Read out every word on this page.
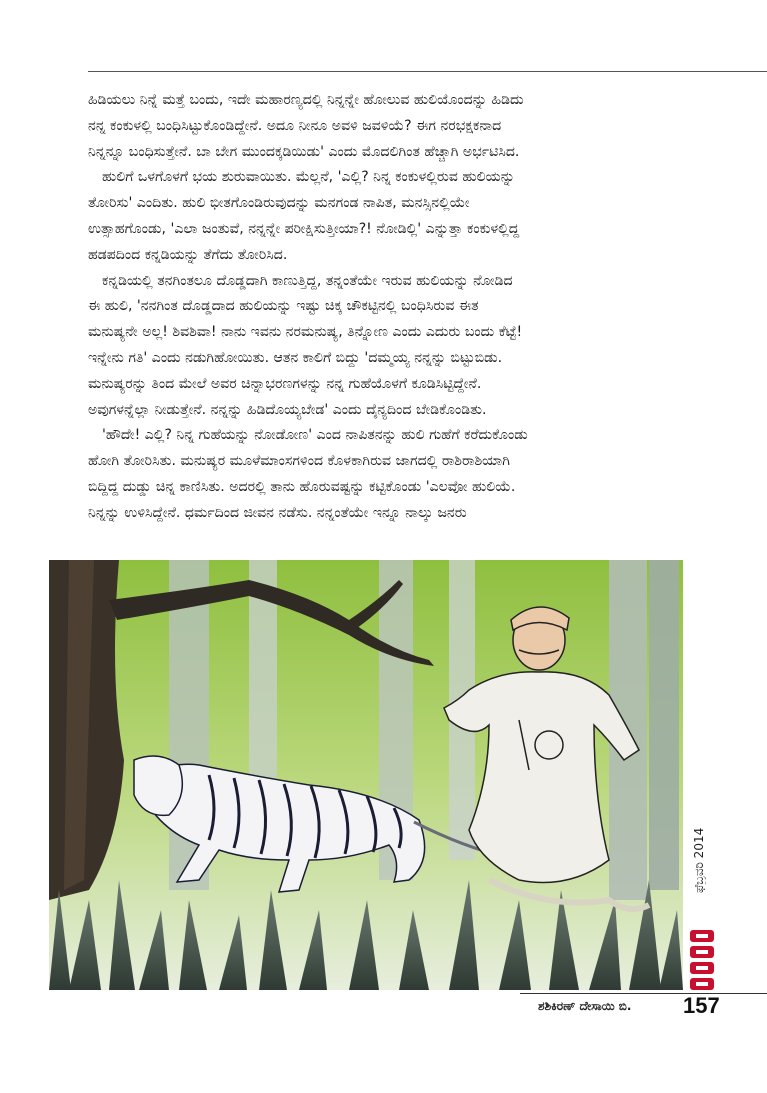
ಹಿಡಿಯಲು ನಿನ್ನೆ ಮತ್ತೆ ಬಂದು, ಇದೇ ಮಹಾರಣ್ಯದಲ್ಲಿ ನಿನ್ನನ್ನೇ ಹೋಲುವ ಹುಲಿಯೊಂದನ್ನು ಹಿಡಿದು

ನನ್ನ ಕಂಕುಳಲ್ಲಿ ಬಂಧಿಸಿಟ್ಟುಕೊಂಡಿದ್ದೇನೆ. ಅದೂ ನೀನೂ ಅವಳಿ ಜವಳಿಯೆ? ಈಗ ನರಭಕ್ಷಕನಾದ

ನಿನ್ನನ್ನೂ ಬಂಧಿಸುತ್ತೇನೆ. ಬಾ ಬೇಗ ಮುಂದಕ್ಕಡಿಯಿಡು' ಎಂದು ಮೊದಲಿಗಿಂತ ಹೆಚ್ಚಾಗಿ ಅರ್ಭಟಿಸಿದ.

ಹುಲಿಗೆ ಒಳಗೊಳಗೆ ಭಯ ಶುರುವಾಯಿತು. ಮೆಲ್ಲನೆ, 'ಎಲ್ಲಿ? ನಿನ್ನ ಕಂಕುಳಲ್ಲಿರುವ ಹುಲಿಯನ್ನು

ತೋರಿಸು' ಎಂದಿತು. ಹುಲಿ ಭೀತಗೊಂಡಿರುವುದನ್ನು ಮನಗಂಡ ನಾಪಿತ, ಮನಸ್ಸಿನಲ್ಲಿಯೇ

ಉತ್ಸಾಹಗೊಂಡು, 'ಎಲಾ ಜಂತುವೆ, ನನ್ನನ್ನೇ ಪರೀಕ್ಷಿಸುತ್ತೀಯಾ?! ನೋಡಿಲ್ಲಿ' ಎನ್ನುತ್ತಾ ಕಂಕುಳಲ್ಲಿದ್ದ

ಹಡಪದಿಂದ ಕನ್ನಡಿಯನ್ನು ತೆಗೆದು ತೋರಿಸಿದ.

ಕನ್ನಡಿಯಲ್ಲಿ ತನಗಿಂತಲೂ ದೊಡ್ಡದಾಗಿ ಕಾಣುತ್ತಿದ್ದ, ತನ್ನಂತೆಯೇ ಇರುವ ಹುಲಿಯನ್ನು ನೋಡಿದ

ಈ ಹುಲಿ, 'ನನಗಿಂತ ದೊಡ್ಡದಾದ ಹುಲಿಯನ್ನು ಇಷ್ಟು ಚಿಕ್ಕ ಚೌಕಟ್ಟಿನಲ್ಲಿ ಬಂಧಿಸಿರುವ ಈತ

ಮನುಷ್ಯನೇ ಅಲ್ಲ! ಶಿವಶಿವಾ! ನಾನು ಇವನು ನರಮನುಷ್ಯ, ತಿನ್ನೋಣ ಎಂದು ಎದುರು ಬಂದು ಕೆಟ್ಟೆ!

ಇನ್ನೇನು ಗತಿ' ಎಂದು ನಡುಗಿಹೋಯಿತು. ಆತನ ಕಾಲಿಗೆ ಬಿದ್ದು 'ದಮ್ಮಯ್ಯ ನನ್ನನ್ನು ಬಿಟ್ಟುಬಿಡು.

ಮನುಷ್ಯರನ್ನು ತಿಂದ ಮೇಲೆ ಅವರ ಚಿನ್ನಾಭರಣಗಳನ್ನು ನನ್ನ ಗುಹೆಯೊಳಗೆ ಕೂಡಿಸಿಟ್ಟಿದ್ದೇನೆ.

ಅವುಗಳನ್ನೆಲ್ಲಾ ನೀಡುತ್ತೇನೆ. ನನ್ನನ್ನು ಹಿಡಿದೊಯ್ಯಬೇಡ' ಎಂದು ದೈನ್ಯದಿಂದ ಬೇಡಿಕೊಂಡಿತು.

'ಹೌದೇ! ಎಲ್ಲಿ? ನಿನ್ನ ಗುಹೆಯನ್ನು ನೋಡೋಣ' ಎಂದ ನಾಪಿತನನ್ನು ಹುಲಿ ಗುಹೆಗೆ ಕರೆದುಕೊಂಡು

ಹೋಗಿ ತೋರಿಸಿತು. ಮನುಷ್ಯರ ಮೂಳೆಮಾಂಸಗಳಿಂದ ಕೊಳಕಾಗಿರುವ ಜಾಗದಲ್ಲಿ ರಾಶಿರಾಶಿಯಾಗಿ

ಬಿದ್ದಿದ್ದ ದುಡ್ಡು ಚಿನ್ನ ಕಾಣಿಸಿತು. ಅದರಲ್ಲಿ ತಾನು ಹೊರುವಷ್ಟನ್ನು ಕಟ್ಟಿಕೊಂಡು 'ಎಲವೋ ಹುಲಿಯೆ.

ನಿನ್ನನ್ನು ಉಳಿಸಿದ್ದೇನೆ. ಧರ್ಮದಿಂದ ಜೀವನ ನಡೆಸು. ನನ್ನಂತೆಯೇ ಇನ್ನೂ ನಾಲ್ಕು ಜನರು

ಫೆಬ್ರವರಿ 2014
ಶಶಿಕಿರಣ್ ದೇಸಾಯಿ ಬಿ. 157
